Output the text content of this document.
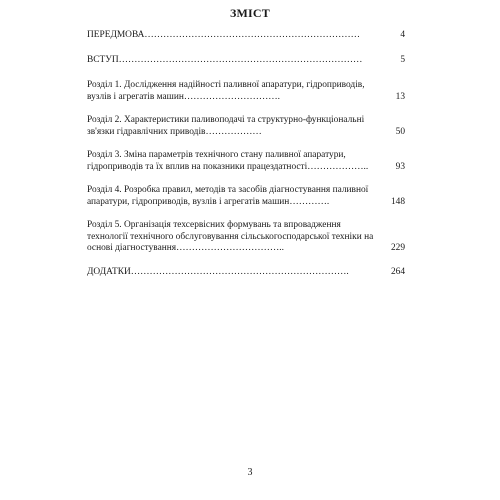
ЗМІСТ
ПЕРЕДМОВА……………………………………………………………	4
ВСТУП……………………………………………………………………	5
Розділ 1. Дослідження надійності паливної апаратури, гідроприводів, вузлів і агрегатів машин………………………….	13
Розділ 2. Характеристики паливоподачі та структурно-функціональні зв'язки гідравлічних приводів………………	50
Розділ 3. Зміна параметрів технічного стану паливної апаратури, гідроприводів та їх вплив на показники працездатності………………..	93
Розділ 4. Розробка правил, методів та засобів діагностування паливної апаратури, гідроприводів, вузлів і агрегатів машин………….	148
Розділ 5. Організація техсервісних формувань та впровадження технології технічного обслуговування сільськогосподарської техніки на основі діагностування……………………………..	229
ДОДАТКИ…………………………………………………………….	264
3
